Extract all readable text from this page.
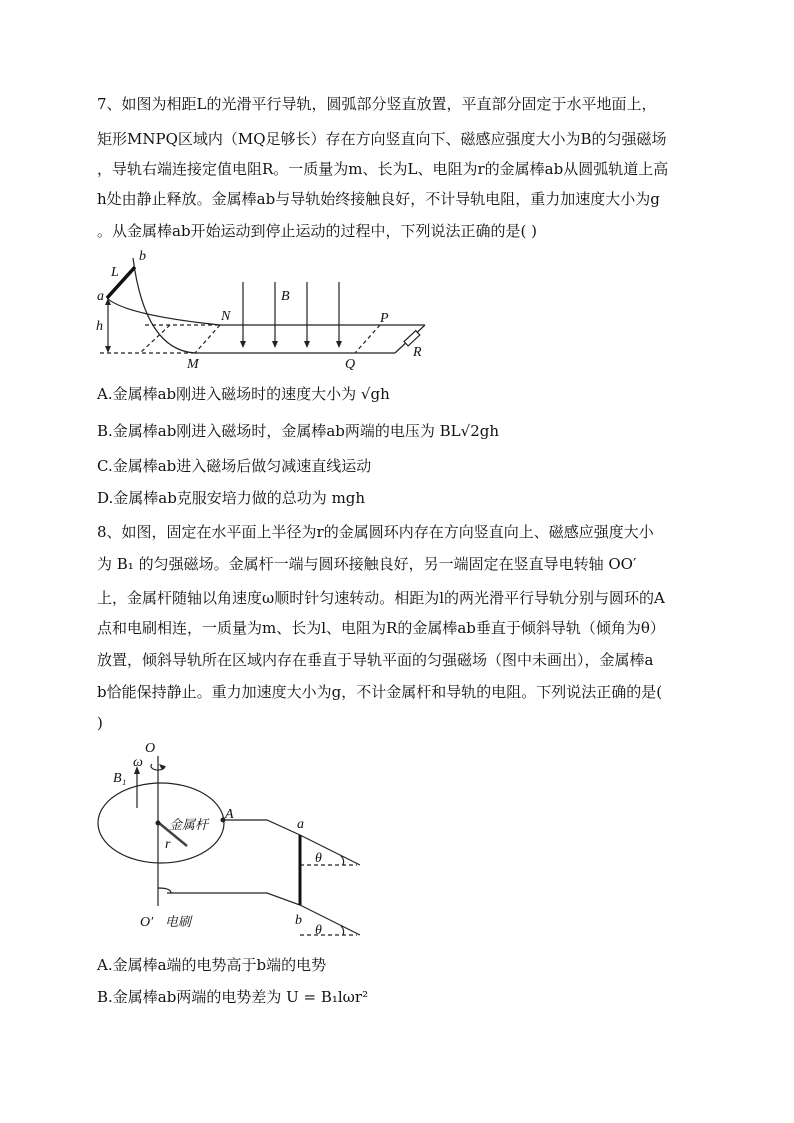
7、如图为相距L的光滑平行导轨，圆弧部分竖直放置，平直部分固定于水平地面上，
矩形MNPQ区域内（MQ足够长）存在方向竖直向下、磁感应强度大小为B的匀强磁场
，导轨右端连接定值电阻R。一质量为m、长为L、电阻为r的金属棒ab从圆弧轨道上高
h处由静止释放。金属棒ab与导轨始终接触良好，不计导轨电阻，重力加速度大小为g
。从金属棒ab开始运动到停止运动的过程中，下列说法正确的是( )
b
L
a
h
N
B
P
M	Q
R
A.金属棒ab刚进入磁场时的速度大小为 √gh
B.金属棒ab刚进入磁场时，金属棒ab两端的电压为 BL√2gh
C.金属棒ab进入磁场后做匀减速直线运动
D.金属棒ab克服安培力做的总功为 mgh
8、如图，固定在水平面上半径为r的金属圆环内存在方向竖直向上、磁感应强度大小
为 B₁ 的匀强磁场。金属杆一端与圆环接触良好，另一端固定在竖直导电转轴 OO′
上，金属杆随轴以角速度ω顺时针匀速转动。相距为l的两光滑平行导轨分别与圆环的A
点和电刷相连，一质量为m、长为l、电阻为R的金属棒ab垂直于倾斜导轨（倾角为θ）
放置，倾斜导轨所在区域内存在垂直于导轨平面的匀强磁场（图中未画出），金属棒a
b恰能保持静止。重力加速度大小为g，不计金属杆和导轨的电阻。下列说法正确的是(
)
O
ω
B₁
金属杆
A
r
a
θ
O′ 电刷	b
θ
A.金属棒a端的电势高于b端的电势
B.金属棒ab两端的电势差为 U = B₁lωr²
